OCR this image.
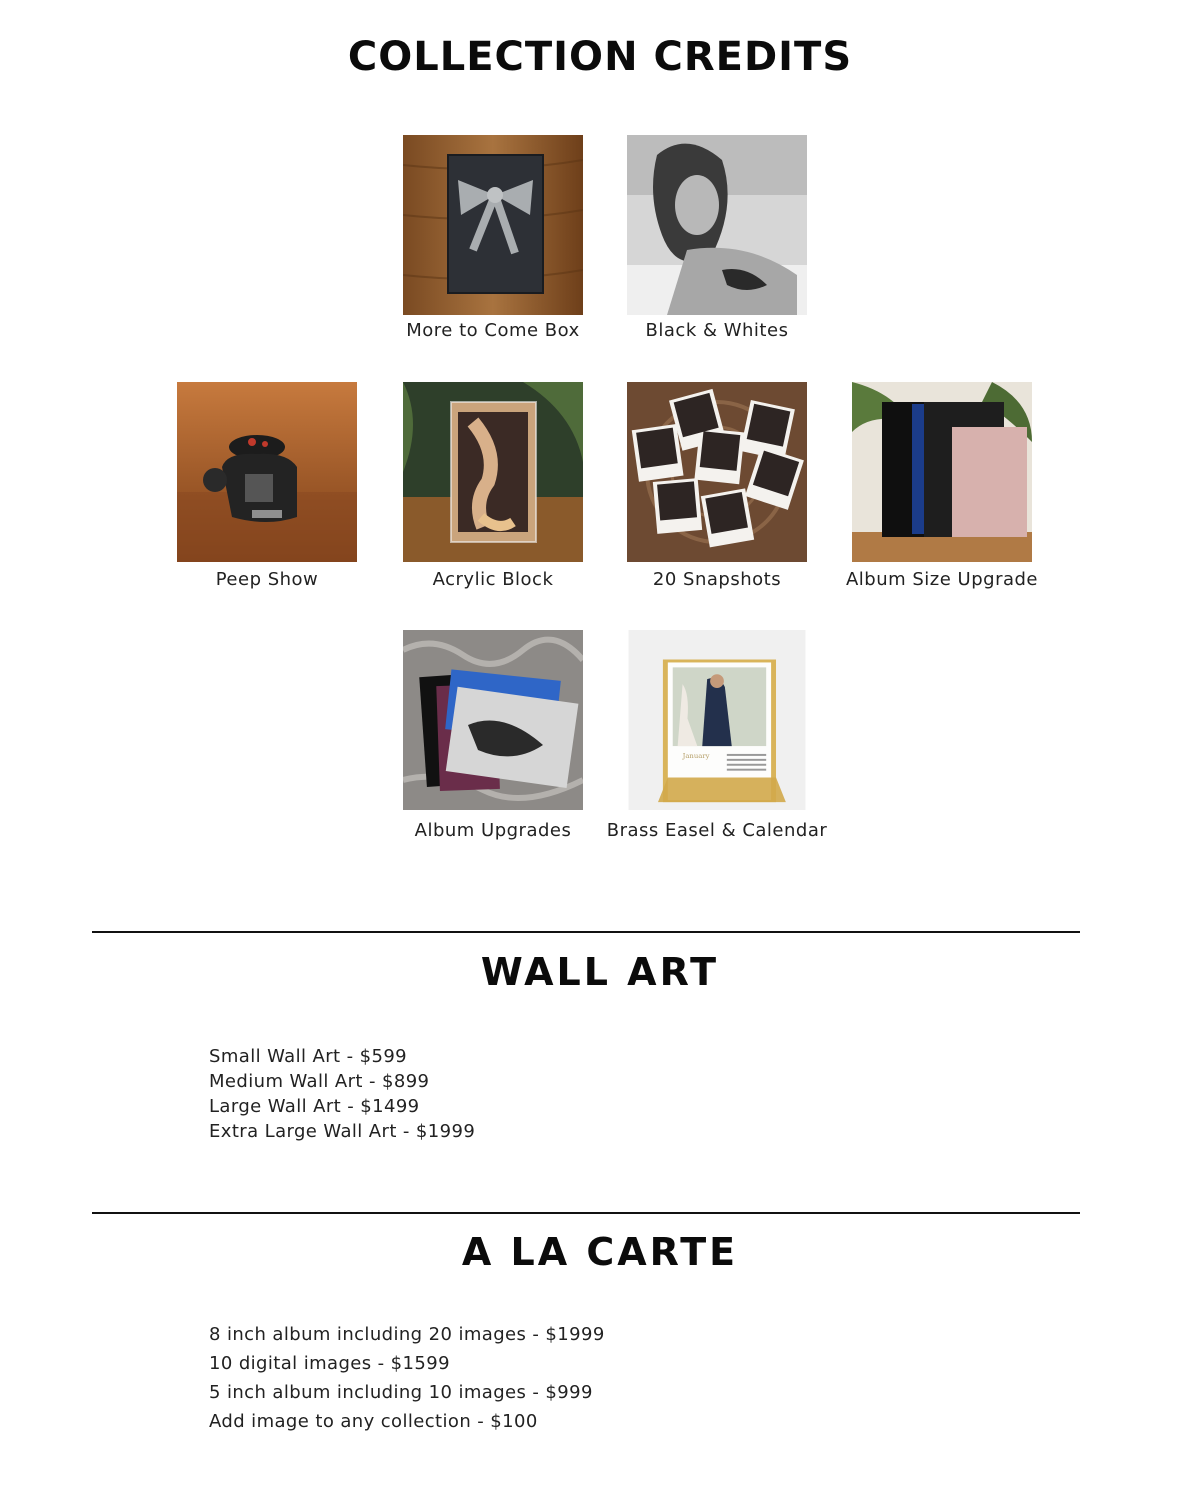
COLLECTION CREDITS
More to Come Box	Black & Whites
Peep Show	Acrylic Block	20 Snapshots	Album Size Upgrade
Album Upgrades
January
Brass Easel & Calendar
WALL ART
Small Wall Art - $599
Medium Wall Art - $899
Large Wall Art - $1499
Extra Large Wall Art - $1999
A LA CARTE
8 inch album including 20 images - $1999
10 digital images - $1599
5 inch album including 10 images - $999
Add image to any collection - $100
